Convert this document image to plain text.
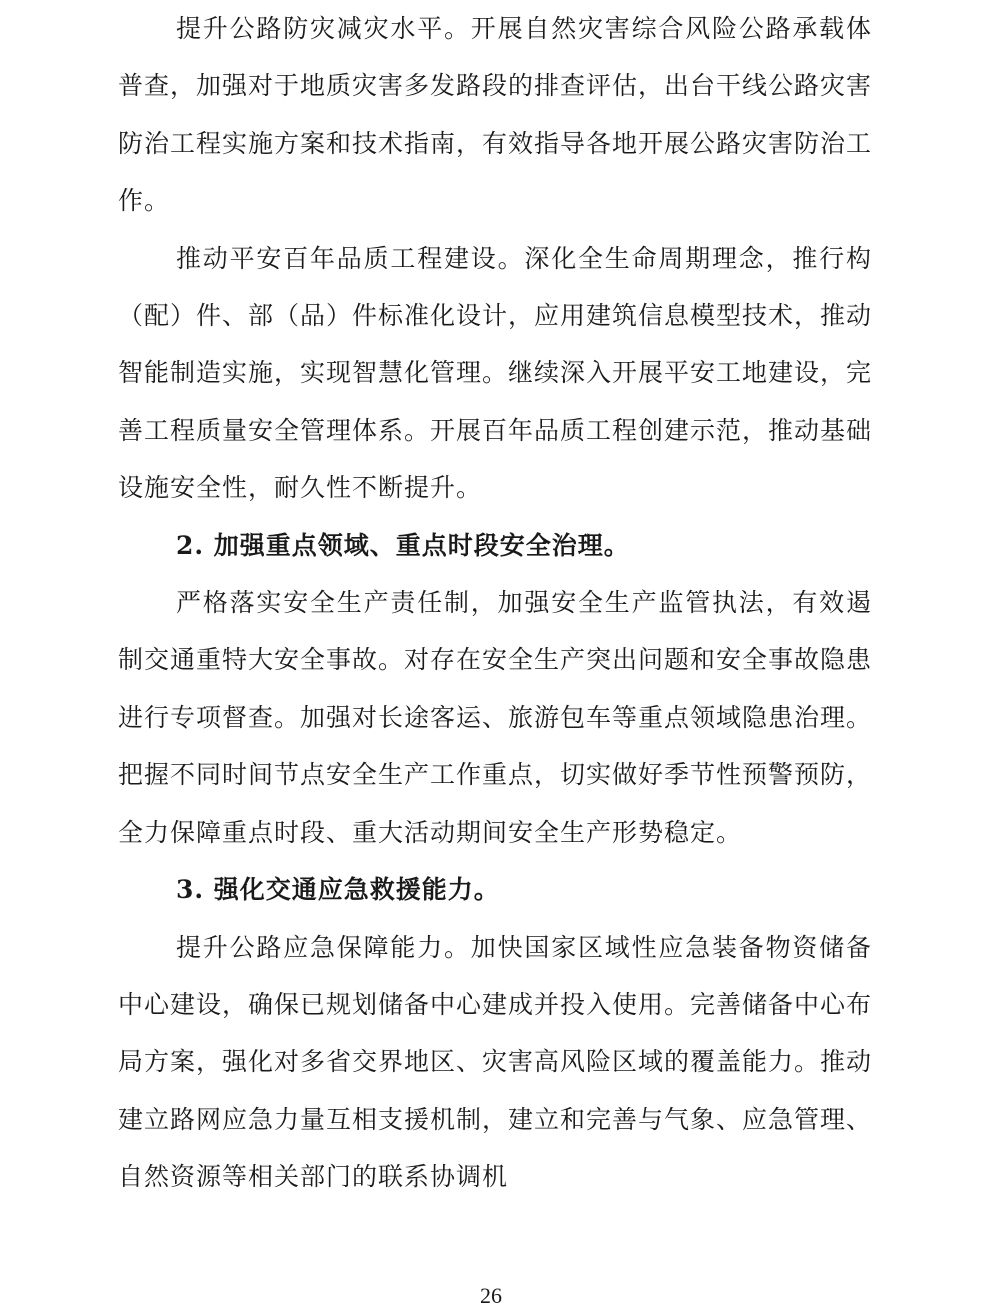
提升公路防灾减灾水平。开展自然灾害综合风险公路承载体普查，加强对于地质灾害多发路段的排查评估，出台干线公路灾害防治工程实施方案和技术指南，有效指导各地开展公路灾害防治工作。

推动平安百年品质工程建设。深化全生命周期理念，推行构（配）件、部（品）件标准化设计，应用建筑信息模型技术，推动智能制造实施，实现智慧化管理。继续深入开展平安工地建设，完善工程质量安全管理体系。开展百年品质工程创建示范，推动基础设施安全性，耐久性不断提升。

2. 加强重点领域、重点时段安全治理。

严格落实安全生产责任制，加强安全生产监管执法，有效遏制交通重特大安全事故。对存在安全生产突出问题和安全事故隐患进行专项督查。加强对长途客运、旅游包车等重点领域隐患治理。把握不同时间节点安全生产工作重点，切实做好季节性预警预防，全力保障重点时段、重大活动期间安全生产形势稳定。

3. 强化交通应急救援能力。

提升公路应急保障能力。加快国家区域性应急装备物资储备中心建设，确保已规划储备中心建成并投入使用。完善储备中心布局方案，强化对多省交界地区、灾害高风险区域的覆盖能力。推动建立路网应急力量互相支援机制，建立和完善与气象、应急管理、自然资源等相关部门的联系协调机

26
